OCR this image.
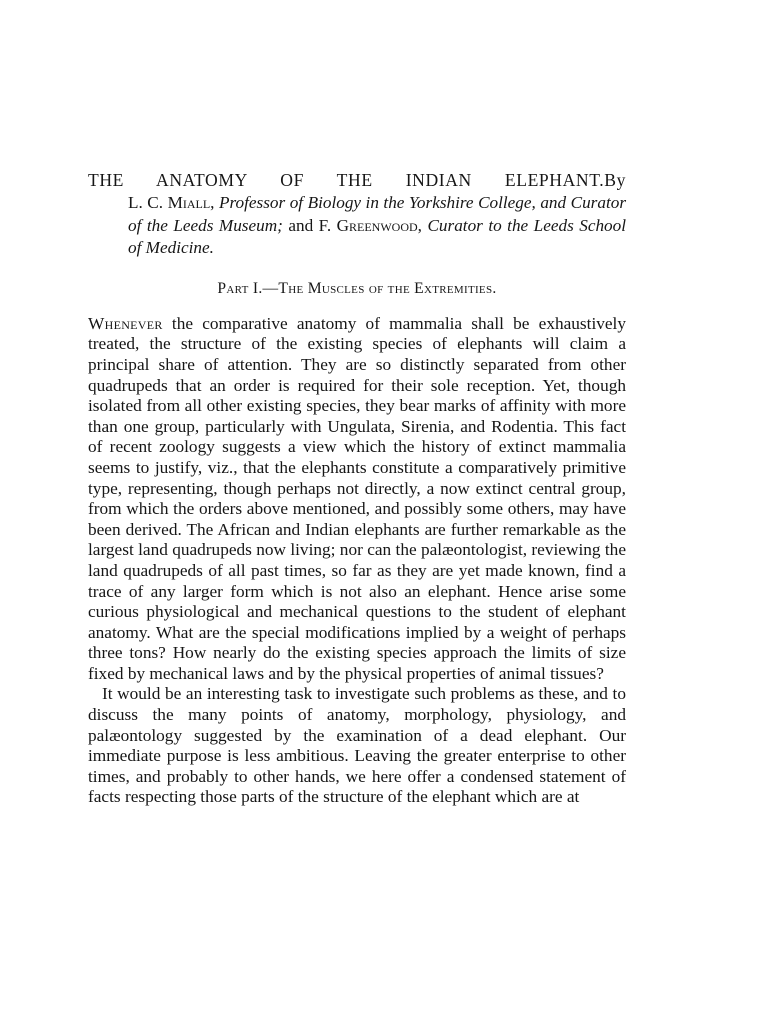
THE ANATOMY OF THE INDIAN ELEPHANT. By
L. C. Miall, Professor of Biology in the Yorkshire College, and Curator of the Leeds Museum; and F. Greenwood, Curator to the Leeds School of Medicine.
Part I.—The Muscles of the Extremities.

Whenever the comparative anatomy of mammalia shall be exhaustively treated, the structure of the existing species of elephants will claim a principal share of attention. They are so distinctly separated from other quadrupeds that an order is required for their sole reception. Yet, though isolated from all other existing species, they bear marks of affinity with more than one group, particularly with Ungulata, Sirenia, and Rodentia. This fact of recent zoology suggests a view which the history of extinct mammalia seems to justify, viz., that the elephants constitute a comparatively primitive type, representing, though perhaps not directly, a now extinct central group, from which the orders above mentioned, and possibly some others, may have been derived. The African and Indian elephants are further remarkable as the largest land quadrupeds now living; nor can the palæontologist, reviewing the land quadrupeds of all past times, so far as they are yet made known, find a trace of any larger form which is not also an elephant. Hence arise some curious physiological and mechanical questions to the student of elephant anatomy. What are the special modifications implied by a weight of perhaps three tons? How nearly do the existing species approach the limits of size fixed by mechanical laws and by the physical properties of animal tissues?

It would be an interesting task to investigate such problems as these, and to discuss the many points of anatomy, morphology, physiology, and palæontology suggested by the examination of a dead elephant. Our immediate purpose is less ambitious. Leaving the greater enterprise to other times, and probably to other hands, we here offer a condensed statement of facts respecting those parts of the structure of the elephant which are at
